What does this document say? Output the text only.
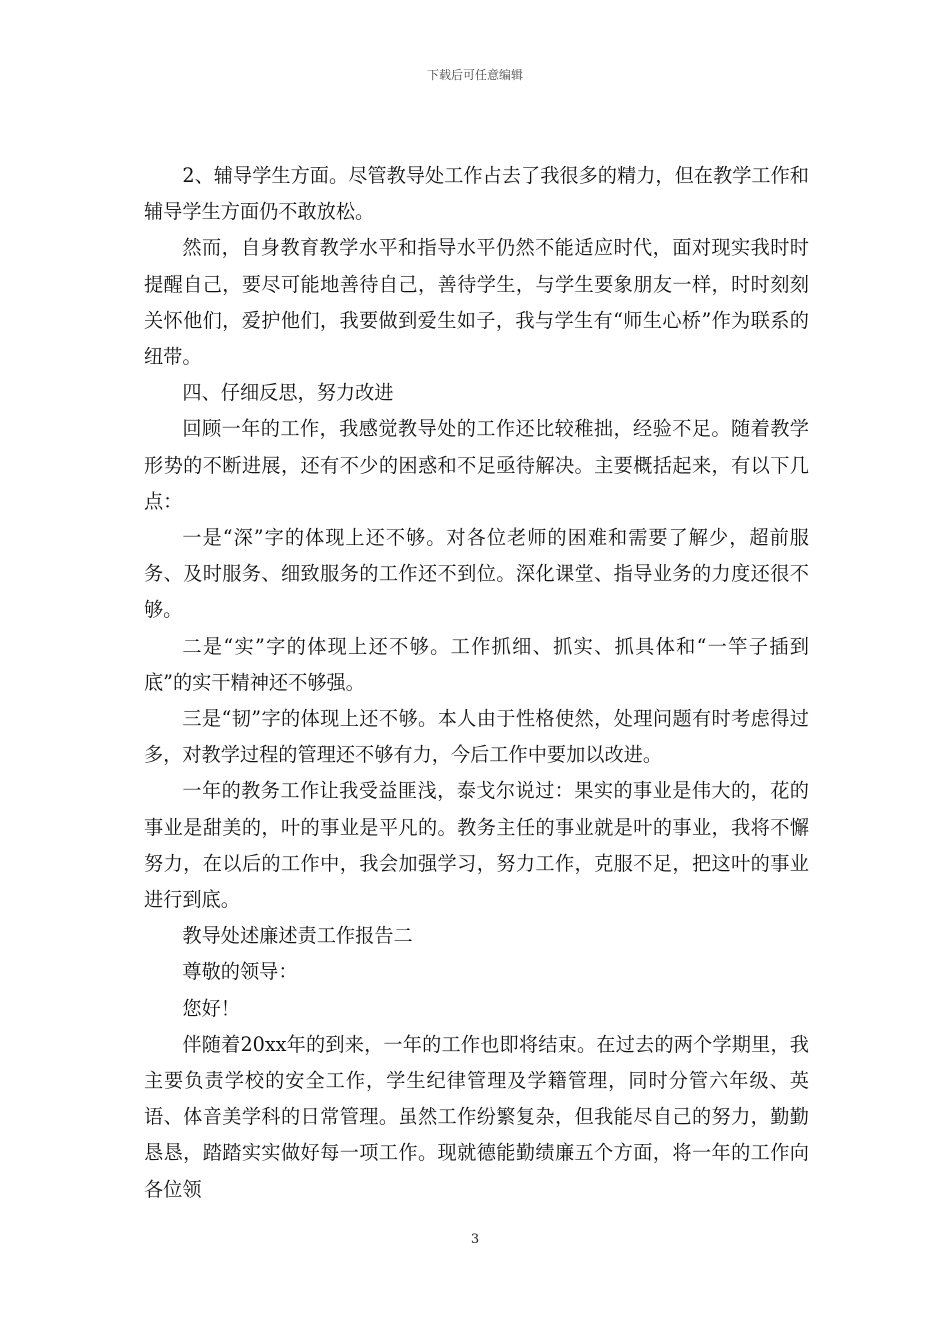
下载后可任意编辑

2、辅导学生方面。尽管教导处工作占去了我很多的精力，但在教学工作和辅导学生方面仍不敢放松。

然而，自身教育教学水平和指导水平仍然不能适应时代，面对现实我时时提醒自己，要尽可能地善待自己，善待学生，与学生要象朋友一样，时时刻刻关怀他们，爱护他们，我要做到爱生如子，我与学生有“师生心桥”作为联系的纽带。

四、仔细反思，努力改进

回顾一年的工作，我感觉教导处的工作还比较稚拙，经验不足。随着教学形势的不断进展，还有不少的困惑和不足亟待解决。主要概括起来，有以下几点：

一是“深”字的体现上还不够。对各位老师的困难和需要了解少，超前服务、及时服务、细致服务的工作还不到位。深化课堂、指导业务的力度还很不够。

二是“实”字的体现上还不够。工作抓细、抓实、抓具体和“一竿子插到底”的实干精神还不够强。

三是“韧”字的体现上还不够。本人由于性格使然，处理问题有时考虑得过多，对教学过程的管理还不够有力，今后工作中要加以改进。

一年的教务工作让我受益匪浅，泰戈尔说过：果实的事业是伟大的，花的事业是甜美的，叶的事业是平凡的。教务主任的事业就是叶的事业，我将不懈努力，在以后的工作中，我会加强学习，努力工作，克服不足，把这叶的事业进行到底。

教导处述廉述责工作报告二

尊敬的领导：

您好！

伴随着20xx年的到来，一年的工作也即将结束。在过去的两个学期里，我主要负责学校的安全工作，学生纪律管理及学籍管理，同时分管六年级、英语、体音美学科的日常管理。虽然工作纷繁复杂，但我能尽自己的努力，勤勤恳恳，踏踏实实做好每一项工作。现就德能勤绩廉五个方面，将一年的工作向各位领

3
